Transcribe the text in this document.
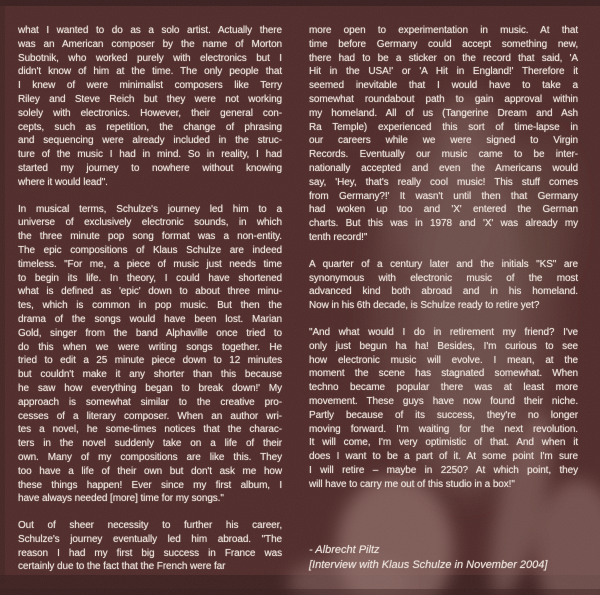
what I wanted to do as a solo artist. Actually there
was an American composer by the name of Morton
Subotnik, who worked purely with electronics but I
didn't know of him at the time. The only people that
I knew of were minimalist composers like Terry
Riley and Steve Reich but they were not working
solely with electronics. However, their general con-
cepts, such as repetition, the change of phrasing
and sequencing were already included in the struc-
ture of the music I had in mind. So in reality, I had
started my journey to nowhere without knowing
where it would lead".
In musical terms, Schulze's journey led him to a
universe of exclusively electronic sounds, in which
the three minute pop song format was a non-entity.
The epic compositions of Klaus Schulze are indeed
timeless. "For me, a piece of music just needs time
to begin its life. In theory, I could have shortened
what is defined as 'epic' down to about three minu-
tes, which is common in pop music. But then the
drama of the songs would have been lost. Marian
Gold, singer from the band Alphaville once tried to
do this when we were writing songs together. He
tried to edit a 25 minute piece down to 12 minutes
but couldn't make it any shorter than this because
he saw how everything began to break down!' My
approach is somewhat similar to the creative pro-
cesses of a literary composer. When an author wri-
tes a novel, he some-times notices that the charac-
ters in the novel suddenly take on a life of their
own. Many of my compositions are like this. They
too have a life of their own but don't ask me how
these things happen! Ever since my first album, I
have always needed [more] time for my songs."
Out of sheer necessity to further his career,
Schulze's journey eventually led him abroad. "The
reason I had my first big success in France was
certainly due to the fact that the French were far
more open to experimentation in music. At that
time before Germany could accept something new,
there had to be a sticker on the record that said, 'A
Hit in the USA!' or 'A Hit in England!' Therefore it
seemed inevitable that I would have to take a
somewhat roundabout path to gain approval within
my homeland. All of us (Tangerine Dream and Ash
Ra Temple) experienced this sort of time-lapse in
our careers while we were signed to Virgin
Records. Eventually our music came to be inter-
nationally accepted and even the Americans would
say, 'Hey, that's really cool music! This stuff comes
from Germany?!' It wasn't until then that Germany
had woken up too and 'X' entered the German
charts. But this was in 1978 and 'X' was already my
tenth record!"
A quarter of a century later and the initials "KS" are
synonymous with electronic music of the most
advanced kind both abroad and in his homeland.
Now in his 6th decade, is Schulze ready to retire yet?
"And what would I do in retirement my friend? I've
only just begun ha ha! Besides, I'm curious to see
how electronic music will evolve. I mean, at the
moment the scene has stagnated somewhat. When
techno became popular there was at least more
movement. These guys have now found their niche.
Partly because of its success, they're no longer
moving forward. I'm waiting for the next revolution.
It will come, I'm very optimistic of that. And when it
does I want to be a part of it. At some point I'm sure
I will retire – maybe in 2250? At which point, they
will have to carry me out of this studio in a box!"
- Albrecht Piltz
[Interview with Klaus Schulze in November 2004]
